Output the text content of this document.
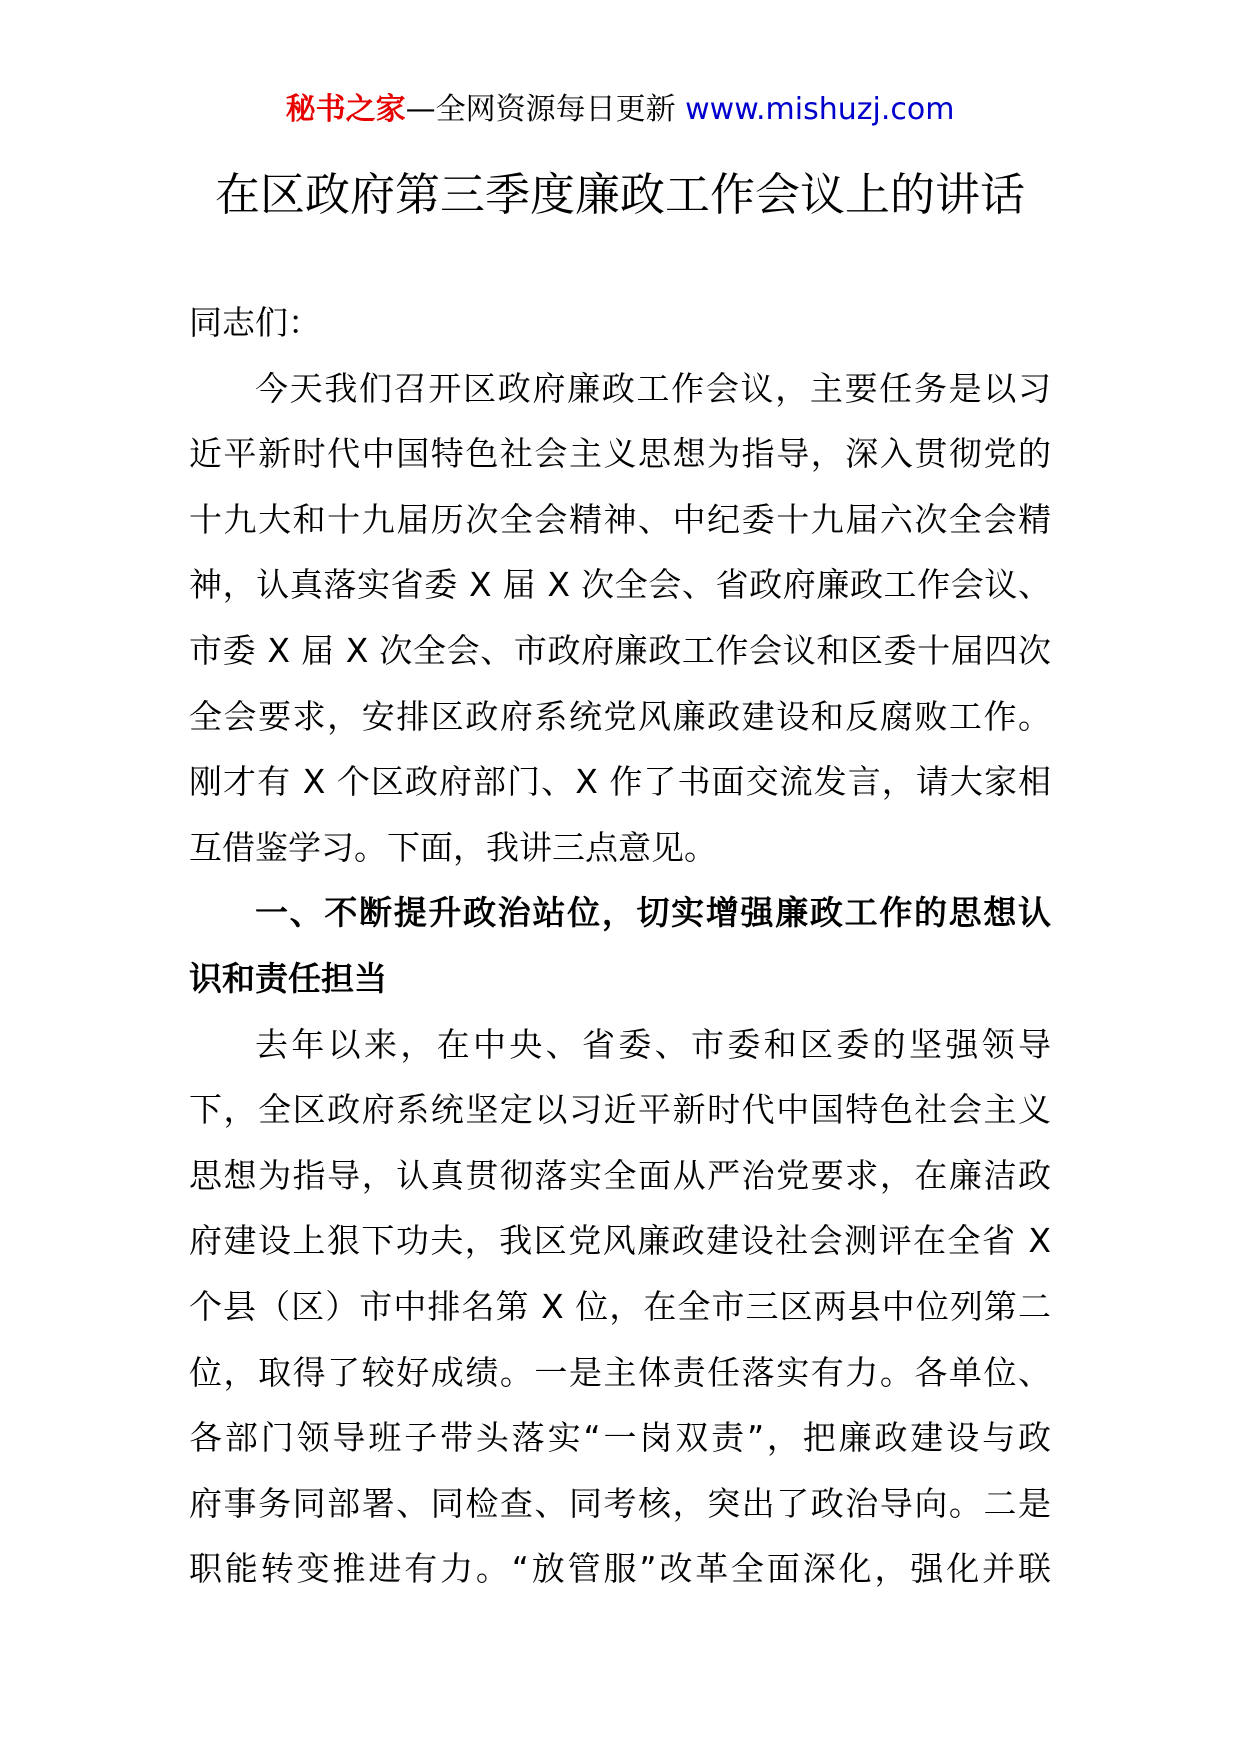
秘书之家—全网资源每日更新 www.mishuzj.com
在区政府第三季度廉政工作会议上的讲话
同志们：
今天我们召开区政府廉政工作会议，主要任务是以习
近平新时代中国特色社会主义思想为指导，深入贯彻党的
十九大和十九届历次全会精神、中纪委十九届六次全会精
神，认真落实省委 X 届 X 次全会、省政府廉政工作会议、
市委 X 届 X 次全会、市政府廉政工作会议和区委十届四次
全会要求，安排区政府系统党风廉政建设和反腐败工作。
刚才有 X 个区政府部门、X 作了书面交流发言，请大家相
互借鉴学习。下面，我讲三点意见。
一、不断提升政治站位，切实增强廉政工作的思想认
识和责任担当
去年以来，在中央、省委、市委和区委的坚强领导
下，全区政府系统坚定以习近平新时代中国特色社会主义
思想为指导，认真贯彻落实全面从严治党要求，在廉洁政
府建设上狠下功夫，我区党风廉政建设社会测评在全省 X
个县（区）市中排名第 X 位，在全市三区两县中位列第二
位，取得了较好成绩。一是主体责任落实有力。各单位、
各部门领导班子带头落实“一岗双责”，把廉政建设与政
府事务同部署、同检查、同考核，突出了政治导向。二是
职能转变推进有力。“放管服”改革全面深化，强化并联
